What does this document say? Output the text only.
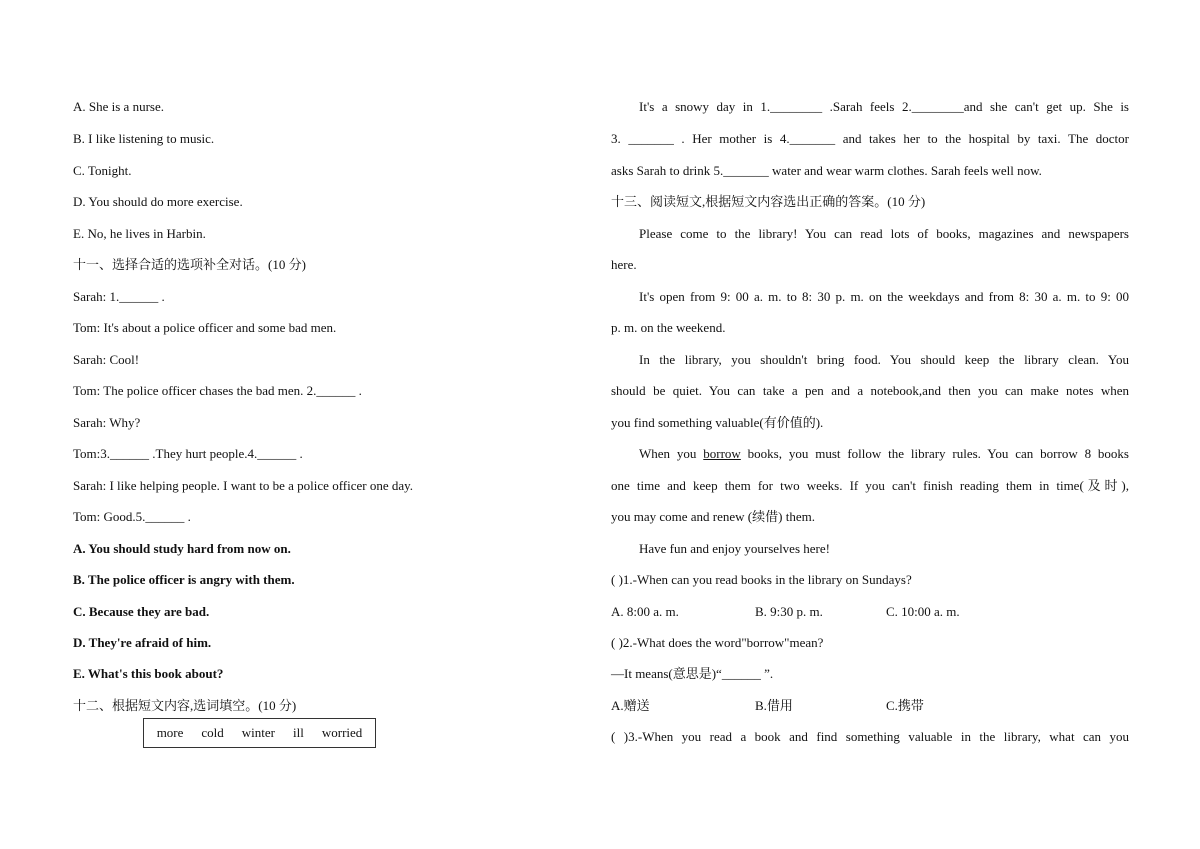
A. She is a nurse.
B. I like listening to music.
C. Tonight.
D. You should do more exercise.
E. No, he lives in Harbin.
十一、选择合适的选项补全对话。(10 分)
Sarah: 1.______ .
Tom: It's about a police officer and some bad men.
Sarah: Cool!
Tom: The police officer chases the bad men. 2.______ .
Sarah: Why?
Tom:3.______ .They hurt people.4.______ .
Sarah: I like helping people. I want to be a police officer one day.
Tom: Good.5.______ .
A. You should study hard from now on.
B. The police officer is angry with them.
C. Because they are bad.
D. They're afraid of him.
E. What's this book about?
十二、根据短文内容,选词填空。(10 分)
more cold winter ill worried
It's a snowy day in 1.________ .Sarah feels 2.________and she can't get up. She is
3. _______ . Her mother is 4._______ and takes her to the hospital by taxi. The doctor
asks Sarah to drink 5._______ water and wear warm clothes. Sarah feels well now.
十三、阅读短文,根据短文内容选出正确的答案。(10 分)
Please come to the library! You can read lots of books, magazines and newspapers
here.
It's open from 9: 00 a. m. to 8: 30 p. m. on the weekdays and from 8: 30 a. m. to 9: 00
p. m. on the weekend.
In the library, you shouldn't bring food. You should keep the library clean. You
should be quiet. You can take a pen and a notebook,and then you can make notes when
you find something valuable(有价值的).
When you borrow books, you must follow the library rules. You can borrow 8 books
one time and keep them for two weeks. If you can't finish reading them in time(及时),
you may come and renew (续借) them.
Have fun and enjoy yourselves here!
( )1.-When can you read books in the library on Sundays?
A. 8:00 a. m.	B. 9:30 p. m.	C. 10:00 a. m.
( )2.-What does the word"borrow"mean?
—It means(意思是)“______ ”.
A.赠送	B.借用	C.携带
( )3.-When you read a book and find something valuable in the library, what can you
